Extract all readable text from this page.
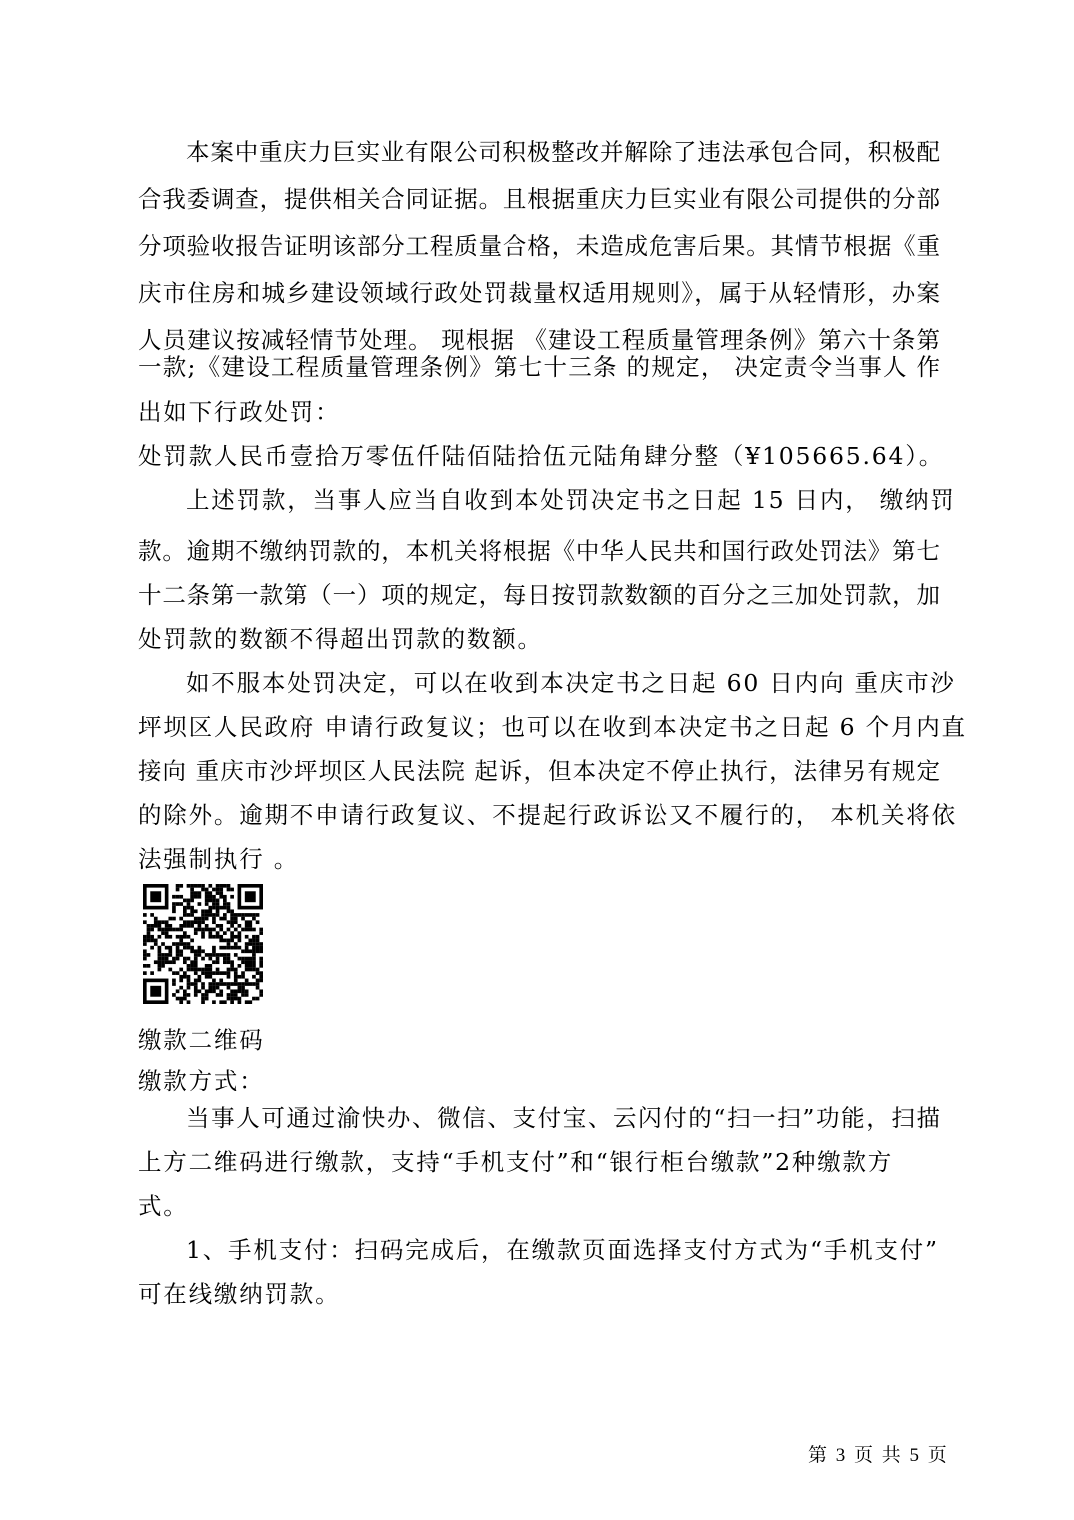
本案中重庆力巨实业有限公司积极整改并解除了违法承包合同，积极配
合我委调查，提供相关合同证据。且根据重庆力巨实业有限公司提供的分部
分项验收报告证明该部分工程质量合格，未造成危害后果。其情节根据《重
庆市住房和城乡建设领域行政处罚裁量权适用规则》，属于从轻情形，办案
人员建议按减轻情节处理。 现根据 《建设工程质量管理条例》第六十条第
一款;《建设工程质量管理条例》第七十三条 的规定， 决定责令当事人 作
出如下行政处罚：
处罚款人民币壹拾万零伍仟陆佰陆拾伍元陆角肆分整（¥105665.64）。
上述罚款，当事人应当自收到本处罚决定书之日起 15 日内， 缴纳罚
款。逾期不缴纳罚款的，本机关将根据《中华人民共和国行政处罚法》第七
十二条第一款第（一）项的规定，每日按罚款数额的百分之三加处罚款，加
处罚款的数额不得超出罚款的数额。
如不服本处罚决定，可以在收到本决定书之日起 60 日内向 重庆市沙
坪坝区人民政府 申请行政复议；也可以在收到本决定书之日起 6 个月内直
接向 重庆市沙坪坝区人民法院 起诉，但本决定不停止执行，法律另有规定
的除外。逾期不申请行政复议、不提起行政诉讼又不履行的， 本机关将依
法强制执行 。
缴款二维码
缴款方式：
当事人可通过渝快办、微信、支付宝、云闪付的“扫一扫”功能，扫描
上方二维码进行缴款，支持“手机支付”和“银行柜台缴款”2种缴款方
式。
1、手机支付：扫码完成后，在缴款页面选择支付方式为“手机支付”
可在线缴纳罚款。
第 3 页 共 5 页
